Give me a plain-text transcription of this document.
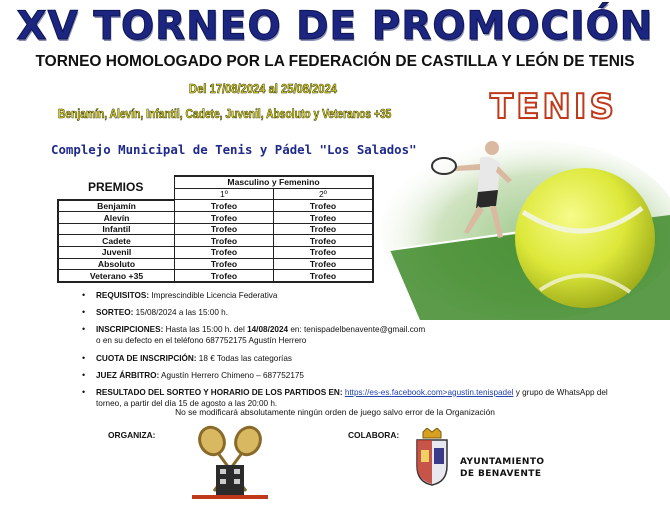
XV TORNEO DE PROMOCIÓN
TORNEO HOMOLOGADO POR LA FEDERACIÓN DE CASTILLA Y LEÓN DE TENIS
Del 17/08/2024 al 25/08/2024
Benjamín, Alevín, Infantil, Cadete, Juvenil, Absoluto y Veteranos +35
Complejo Municipal de Tenis y Pádel "Los Salados"
TENIS
PREMIOS	Masculino y Femenino	
	1º	2º
Benjamín	Trofeo	Trofeo
Alevín	Trofeo	Trofeo
Infantil	Trofeo	Trofeo
Cadete	Trofeo	Trofeo
Juvenil	Trofeo	Trofeo
Absoluto	Trofeo	Trofeo
Veterano +35	Trofeo	Trofeo
• REQUISITOS: Imprescindible Licencia Federativa
• SORTEO: 15/08/2024 a las 15:00 h.
• INSCRIPCIONES: Hasta las 15:00 h. del 14/08/2024 en: tenispadelbenavente@gmail.com
o en su defecto en el teléfono 687752175 Agustín Herrero
• CUOTA DE INSCRIPCIÓN: 18 € Todas las categorías
• JUEZ ÁRBITRO: Agustín Herrero Chimeno – 687752175
• RESULTADO DEL SORTEO Y HORARIO DE LOS PARTIDOS EN: https://es-es.facebook.com>agustin.tenispadel y grupo de WhatsApp del
torneo, a partir del día 15 de agosto a las 20:00 h.
No se modificará absolutamente ningún orden de juego salvo error de la Organización
ORGANIZA:	COLABORA:
AYUNTAMIENTO
DE BENAVENTE
